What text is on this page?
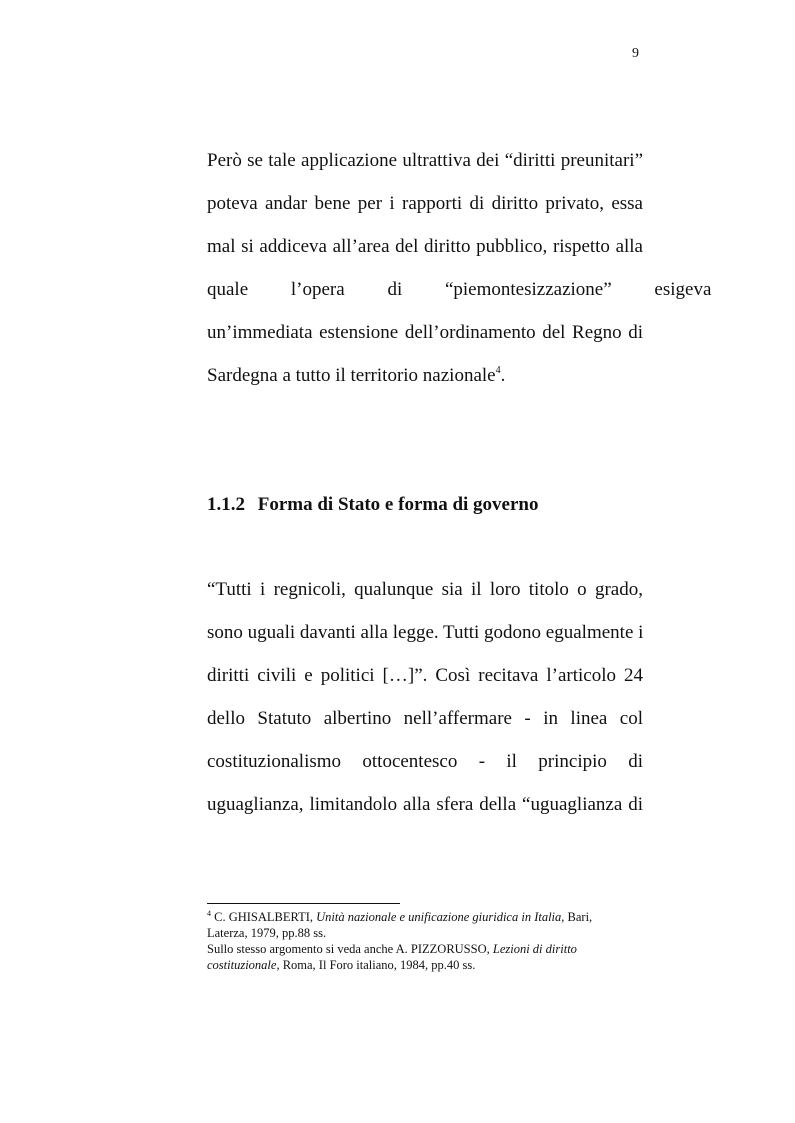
9
Però se tale applicazione ultrattiva dei “diritti preunitari”
poteva andar bene per i rapporti di diritto privato, essa
mal si addiceva all’area del diritto pubblico, rispetto alla
quale l’opera di “piemontesizzazione” esigeva
un’immediata estensione dell’ordinamento del Regno di
Sardegna a tutto il territorio nazionale$^4$.
1.1.2 Forma di Stato e forma di governo
“Tutti i regnicoli, qualunque sia il loro titolo o grado,
sono uguali davanti alla legge. Tutti godono egualmente i
diritti civili e politici […]”. Così recitava l’articolo 24
dello Statuto albertino nell’affermare - in linea col
costituzionalismo ottocentesco - il principio di
uguaglianza, limitandolo alla sfera della “uguaglianza di
$^4$ C. GHISALBERTI, Unità nazionale e unificazione giuridica in Italia, Bari,
Laterza, 1979, pp.88 ss.
Sullo stesso argomento si veda anche A. PIZZORUSSO, Lezioni di diritto
costituzionale, Roma, Il Foro italiano, 1984, pp.40 ss.
